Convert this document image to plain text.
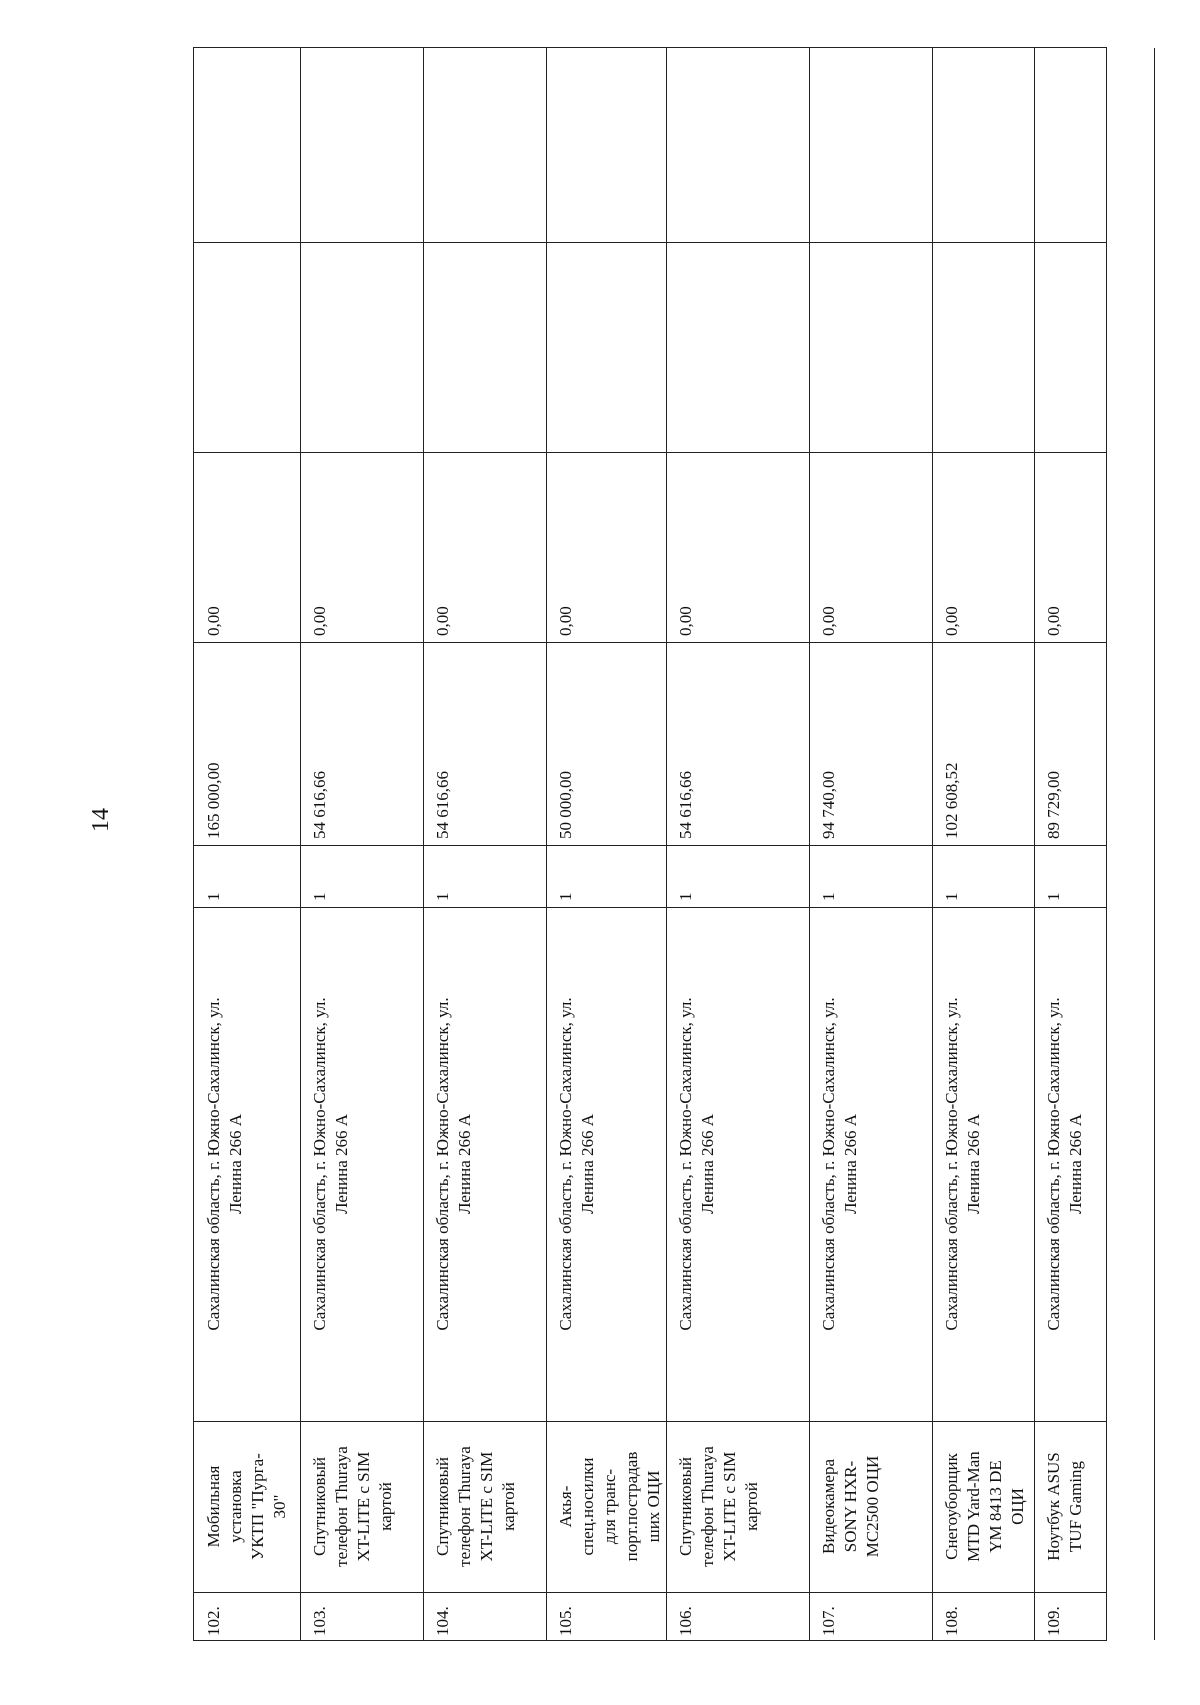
14
102.
Мобильная установка УКТП "Пурга- 30"
Сахалинская область, г. Южно-Сахалинск, ул. Ленина 266 А
1
165 000,00
0,00
103.
Спутниковый телефон Thuraya XT-LITE с SIM картой
Сахалинская область, г. Южно-Сахалинск, ул. Ленина 266 А
1
54 616,66
0,00
104.
Спутниковый телефон Thuraya XT-LITE с SIM картой
Сахалинская область, г. Южно-Сахалинск, ул. Ленина 266 А
1
54 616,66
0,00
105.
Акья- спец.носилки для транс- порт.пострадав ших ОЦИ
Сахалинская область, г. Южно-Сахалинск, ул. Ленина 266 А
1
50 000,00
0,00
106.
Спутниковый телефон Thuraya XT-LITE с SIM картой
Сахалинская область, г. Южно-Сахалинск, ул. Ленина 266 А
1
54 616,66
0,00
107.
Видеокамера SONY HXR- MC2500 ОЦИ
Сахалинская область, г. Южно-Сахалинск, ул. Ленина 266 А
1
94 740,00
0,00
108.
Снегоуборщик MTD Yard-Man YM 8413 DE ОЦИ
Сахалинская область, г. Южно-Сахалинск, ул. Ленина 266 А
1
102 608,52
0,00
109.
Ноутбук ASUS TUF Gaming
Сахалинская область, г. Южно-Сахалинск, ул. Ленина 266 А
1
89 729,00
0,00
